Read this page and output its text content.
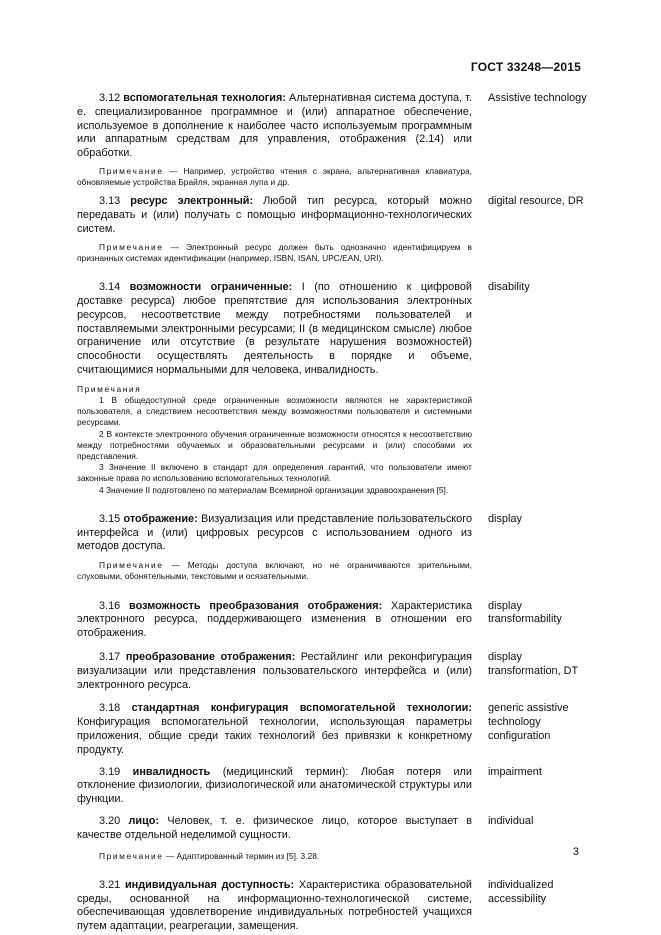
ГОСТ 33248—2015
3.12 вспомогательная технология: Альтернативная система доступа, т. е. специализированное программное и (или) аппаратное обеспечение, используемое в дополнение к наиболее часто используемым программным или аппаратным средствам для управления, отображения (2.14) или обработки.
Assistive technology
Примечание — Например, устройство чтения с экрана, альтернативная клавиатура, обновляемые устройства Брайля, экранная лупа и др.
3.13 ресурс электронный: Любой тип ресурса, который можно передавать и (или) получать с помощью информационно-технологических систем.
digital resource, DR
Примечание — Электронный ресурс должен быть однозначно идентифицируем в признанных системах идентификации (например, ISBN, ISAN, UPC/EAN, URI).
3.14 возможности ограниченные: I (по отношению к цифровой доставке ресурса) любое препятствие для использования электронных ресурсов, несоответствие между потребностями пользователей и поставляемыми электронными ресурсами; II (в медицинском смысле) любое ограничение или отсутствие (в результате нарушения возможностей) способности осуществлять деятельность в порядке и объеме, считающимися нормальными для человека, инвалидность.
disability

Примечания

1 В общедоступной среде ограниченные возможности являются не характеристикой пользователя, а следствием несоответствия между возможностями пользователя и системными ресурсами.

2 В контексте электронного обучения ограниченные возможности относятся к несоответствию между потребностями обучаемых и образовательными ресурсами и (или) способами их представления.

3 Значение II включено в стандарт для определения гарантий, что пользователи имеют законные права по использованию вспомогательных технологий.

4 Значение II подготовлено по материалам Всемирной организации здравоохранения [5].

3.15 отображение: Визуализация или представление пользовательского интерфейса и (или) цифровых ресурсов с использованием одного из методов доступа.
display
Примечание — Методы доступа включают, но не ограничиваются зрительными, слуховыми, обонятельными, текстовыми и осязательными.
3.16 возможность преобразования отображения: Характеристика электронного ресурса, поддерживающего изменения в отношении его отображения.
display transformability
3.17 преобразование отображения: Рестайлинг или реконфигурация визуализации или представления пользовательского интерфейса и (или) электронного ресурса.
display transformation, DT
3.18 стандартная конфигурация вспомогательной технологии: Конфигурация вспомогательной технологии, использующая параметры приложения, общие среди таких технологий без привязки к конкретному продукту.
generic assistive technology configuration
3.19 инвалидность (медицинский термин): Любая потеря или отклонение физиологии, физиологической или анатомической структуры или функции.
impairment
3.20 лицо: Человек, т. е. физическое лицо, которое выступает в качестве отдельной неделимой сущности.
individual
Примечание — Адаптированный термин из [5]. 3.28.
3.21 индивидуальная доступность: Характеристика образовательной среды, основанной на информационно-технологической системе, обеспечивающая удовлетворение индивидуальных потребностей учащихся путем адаптации, реагрегации, замещения.
individualized accessibility
3
